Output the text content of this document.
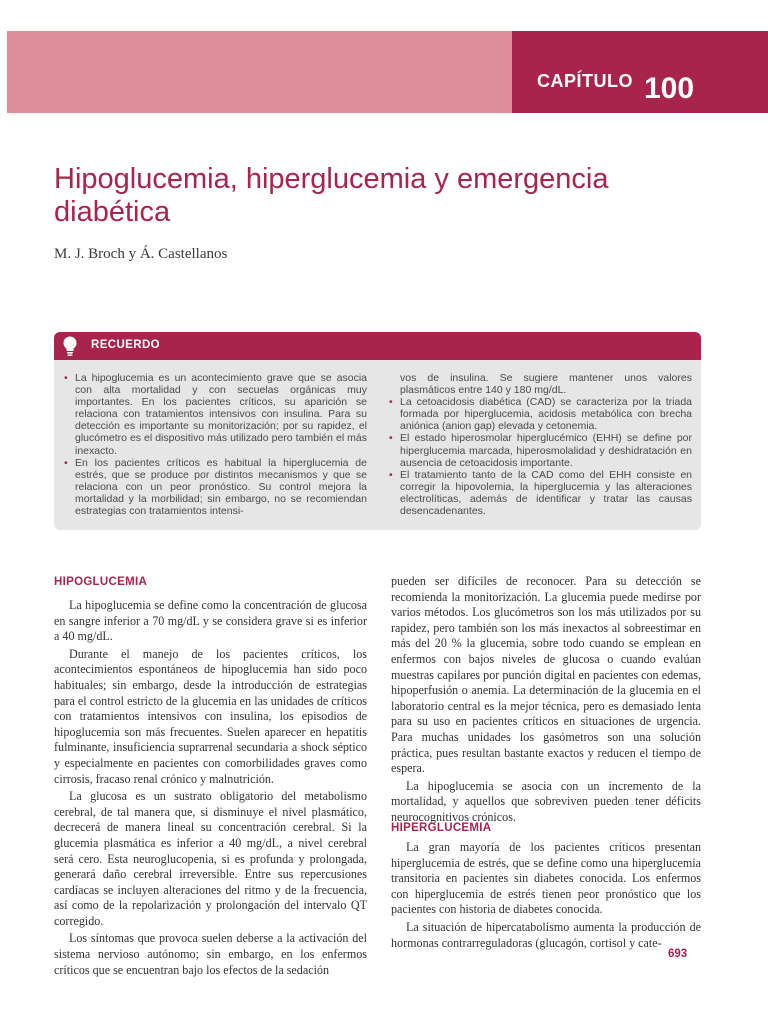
CAPÍTULO 100
Hipoglucemia, hiperglucemia y emergencia diabética
M. J. Broch y Á. Castellanos
RECUERDO
• La hipoglucemia es un acontecimiento grave que se asocia con alta mortalidad y con secuelas orgánicas muy importantes. En los pacientes críticos, su aparición se relaciona con tratamientos intensivos con insulina. Para su detección es importante su monitorización; por su rapidez, el glucómetro es el dispositivo más utilizado pero también el más inexacto.
• En los pacientes críticos es habitual la hiperglucemia de estrés, que se produce por distintos mecanismos y que se relaciona con un peor pronóstico. Su control mejora la mortalidad y la morbilidad; sin embargo, no se recomiendan estrategias con tratamientos intensi-
vos de insulina. Se sugiere mantener unos valores plasmáticos entre 140 y 180 mg/dL.
• La cetoacidosis diabética (CAD) se caracteriza por la triada formada por hiperglucemia, acidosis metabólica con brecha aniónica (anion gap) elevada y cetonemia.
• El estado hiperosmolar hiperglucémico (EHH) se define por hiperglucemia marcada, hiperosmolalidad y deshidratación en ausencia de cetoacidosis importante.
• El tratamiento tanto de la CAD como del EHH consiste en corregir la hipovolemia, la hiperglucemia y las alteraciones electrolíticas, además de identificar y tratar las causas desencadenantes.
HIPOGLUCEMIA

La hipoglucemia se define como la concentración de glucosa en sangre inferior a 70 mg/dL y se considera grave si es inferior a 40 mg/dL.

Durante el manejo de los pacientes críticos, los acontecimientos espontáneos de hipoglucemia han sido poco habituales; sin embargo, desde la introducción de estrategias para el control estricto de la glucemia en las unidades de críticos con tratamientos intensivos con insulina, los episodios de hipoglucemia son más frecuentes. Suelen aparecer en hepatitis fulminante, insuficiencia suprarrenal secundaria a shock séptico y especialmente en pacientes con comorbilidades graves como cirrosis, fracaso renal crónico y malnutrición.

La glucosa es un sustrato obligatorio del metabolismo cerebral, de tal manera que, si disminuye el nivel plasmático, decrecerá de manera lineal su concentración cerebral. Si la glucemia plasmática es inferior a 40 mg/dL, a nivel cerebral será cero. Esta neuroglucopenia, si es profunda y prolongada, generará daño cerebral irreversible. Entre sus repercusiones cardíacas se incluyen alteraciones del ritmo y de la frecuencia, así como de la repolarización y prolongación del intervalo QT corregido.

Los síntomas que provoca suelen deberse a la activación del sistema nervioso autónomo; sin embargo, en los enfermos críticos que se encuentran bajo los efectos de la sedación

pueden ser difíciles de reconocer. Para su detección se recomienda la monitorización. La glucemia puede medirse por varios métodos. Los glucómetros son los más utilizados por su rapidez, pero también son los más inexactos al sobreestimar en más del 20 % la glucemia, sobre todo cuando se emplean en enfermos con bajos niveles de glucosa o cuando evalúan muestras capilares por punción digital en pacientes con edemas, hipoperfusión o anemia. La determinación de la glucemia en el laboratorio central es la mejor técnica, pero es demasiado lenta para su uso en pacientes críticos en situaciones de urgencia. Para muchas unidades los gasómetros son una solución práctica, pues resultan bastante exactos y reducen el tiempo de espera.

La hipoglucemia se asocia con un incremento de la mortalidad, y aquellos que sobreviven pueden tener déficits neurocognitivos crónicos.

HIPERGLUCEMIA

La gran mayoría de los pacientes críticos presentan hiperglucemia de estrés, que se define como una hiperglucemia transitoria en pacientes sin diabetes conocida. Los enfermos con hiperglucemia de estrés tienen peor pronóstico que los pacientes con historia de diabetes conocida.

La situación de hipercatabolismo aumenta la producción de hormonas contrarreguladoras (glucagón, cortisol y cate-

693
